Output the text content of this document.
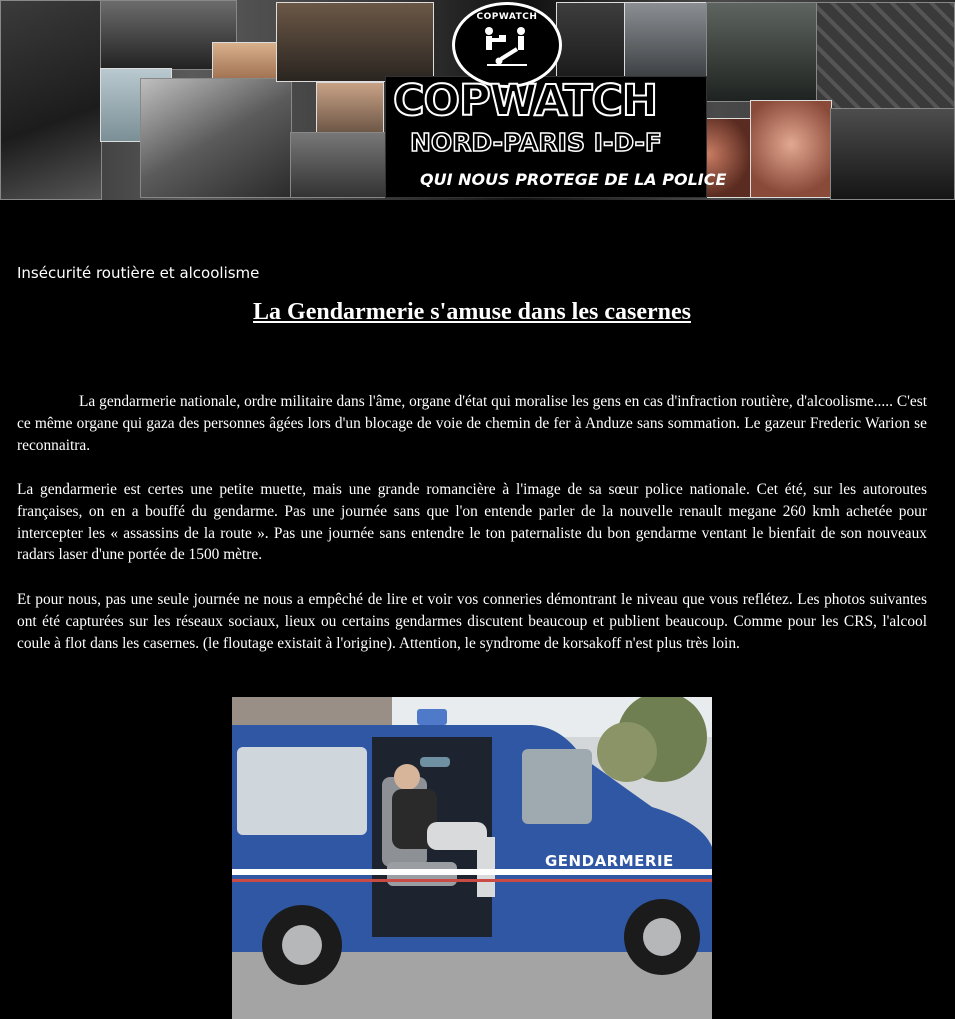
COPWATCH
COPWATCH
NORD-PARIS I-D-F
QUI NOUS PROTEGE DE LA POLICE
Insécurité routière et alcoolisme
La Gendarmerie s'amuse dans les casernes

La gendarmerie nationale, ordre militaire dans l'âme, organe d'état qui moralise les gens en cas d'infraction routière, d'alcoolisme..... C'est ce même organe qui gaza des personnes âgées lors d'un blocage de voie de chemin de fer à Anduze sans sommation. Le gazeur Frederic Warion se reconnaitra.

La gendarmerie est certes une petite muette, mais une grande romancière à l'image de sa sœur police nationale. Cet été, sur les autoroutes françaises, on en a bouffé du gendarme. Pas une journée sans que l'on entende parler de la nouvelle renault megane 260 kmh achetée pour intercepter les « assassins de la route ». Pas une journée sans entendre le ton paternaliste du bon gendarme ventant le bienfait de son nouveaux radars laser d'une portée de 1500 mètre.

Et pour nous, pas une seule journée ne nous a empêché de lire et voir vos conneries démontrant le niveau que vous reflétez. Les photos suivantes ont été capturées sur les réseaux sociaux, lieux ou certains gendarmes discutent beaucoup et publient beaucoup. Comme pour les CRS, l'alcool coule à flot dans les casernes. (le floutage existait à l'origine). Attention, le syndrome de korsakoff n'est plus très loin.

GENDARMERIE
